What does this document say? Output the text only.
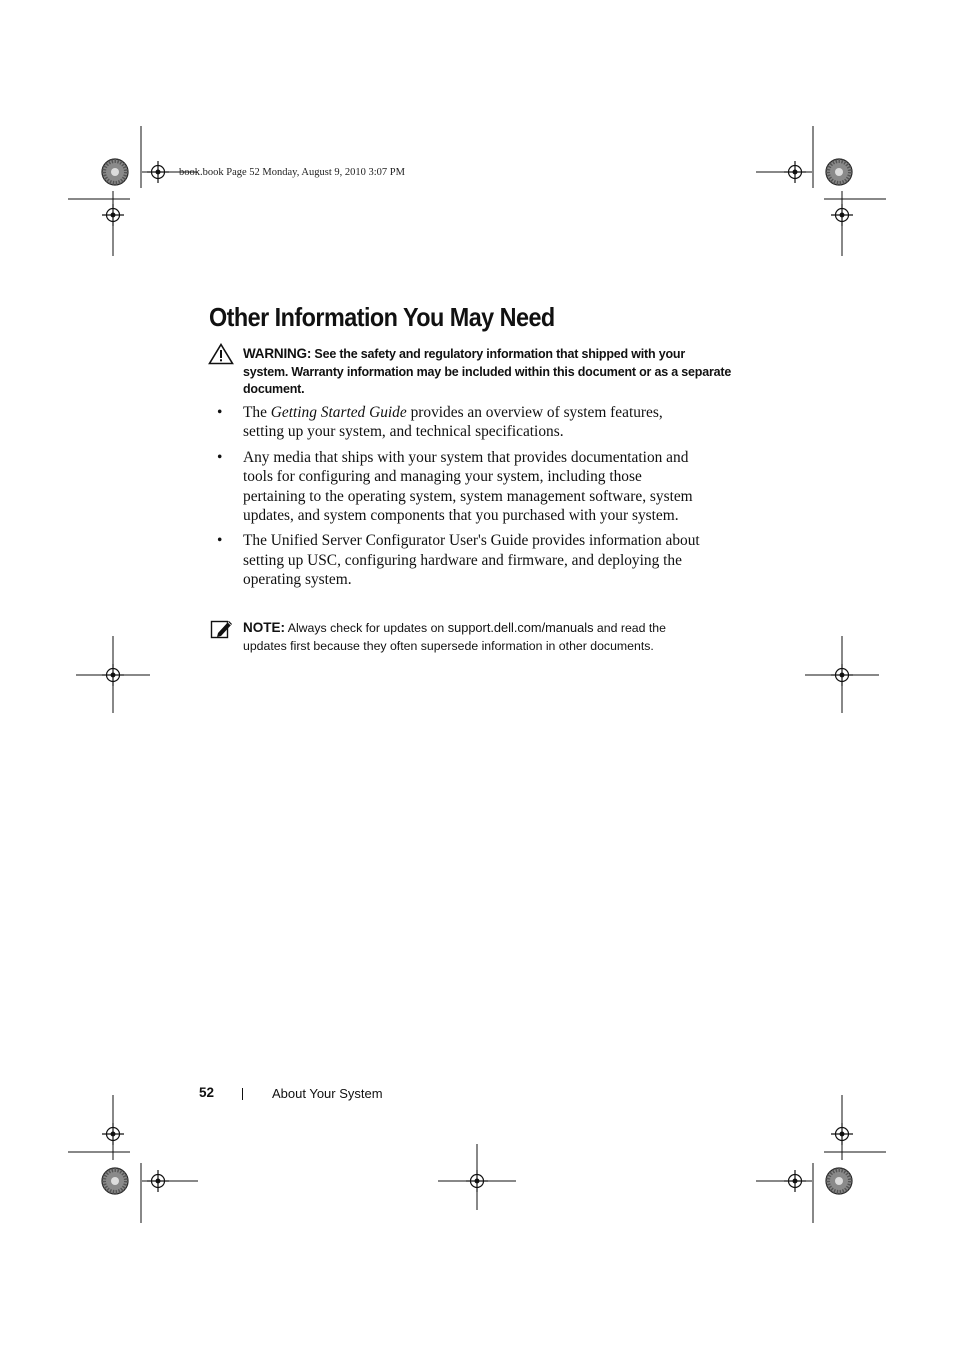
book.book Page 52 Monday, August 9, 2010 3:07 PM
Other Information You May Need
WARNING: See the safety and regulatory information that shipped with your system. Warranty information may be included within this document or as a separate document.
• The Getting Started Guide provides an overview of system features, setting up your system, and technical specifications.
• Any media that ships with your system that provides documentation and tools for configuring and managing your system, including those pertaining to the operating system, system management software, system updates, and system components that you purchased with your system.
• The Unified Server Configurator User's Guide provides information about setting up USC, configuring hardware and firmware, and deploying the operating system.
NOTE: Always check for updates on support.dell.com/manuals and read the updates first because they often supersede information in other documents.
52	About Your System
